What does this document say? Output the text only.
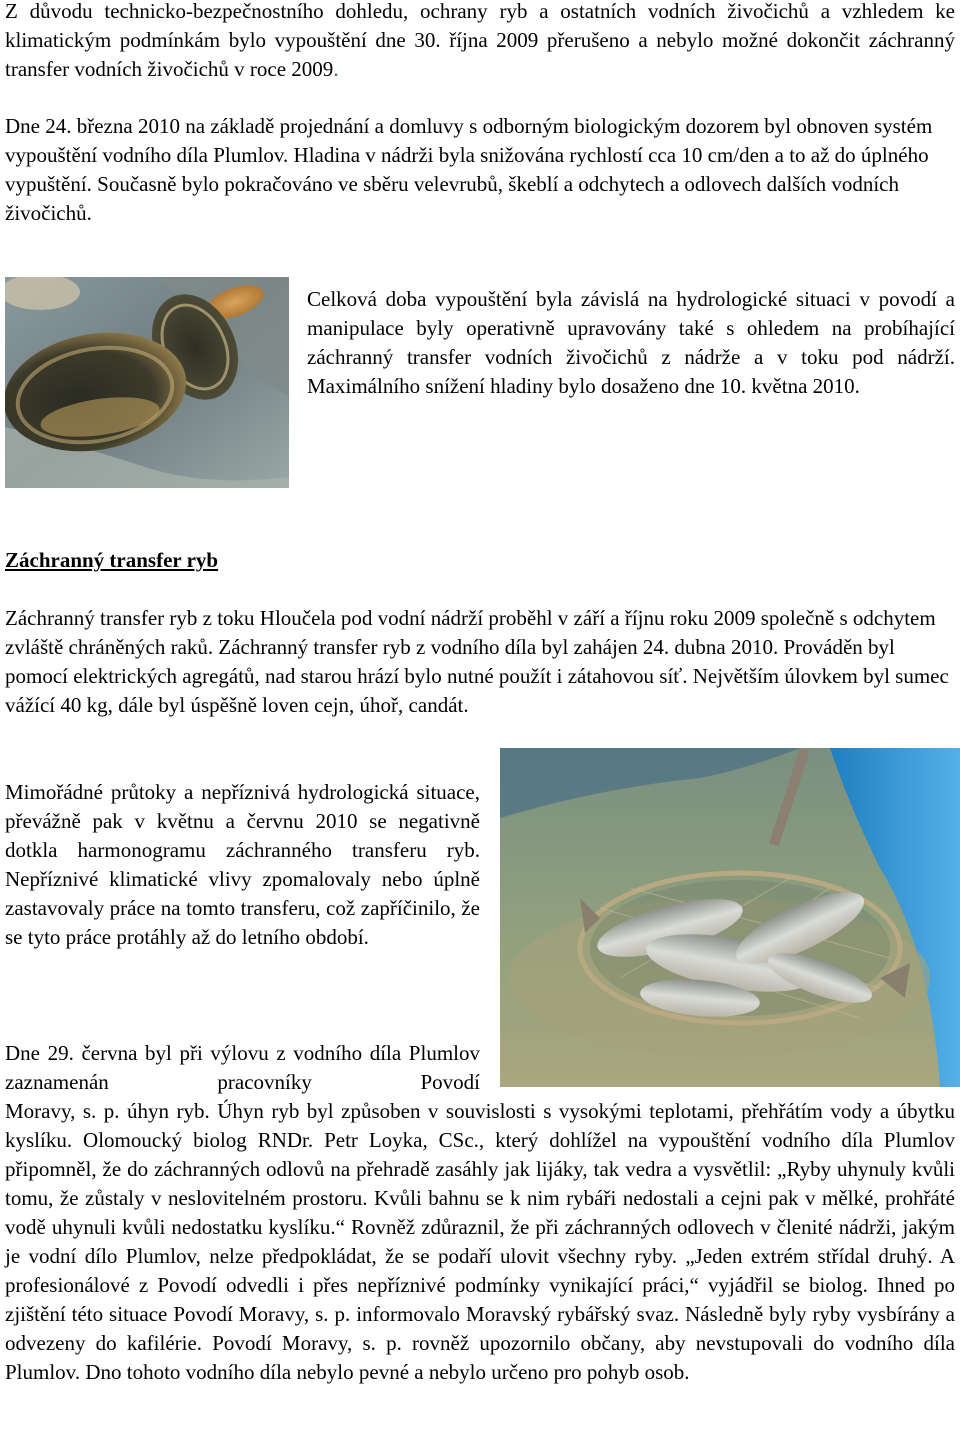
Z důvodu technicko-bezpečnostního dohledu, ochrany ryb a ostatních vodních živočichů a vzhledem ke klimatickým podmínkám bylo vypouštění dne 30. října 2009 přerušeno a nebylo možné dokončit záchranný transfer vodních živočichů v roce 2009.

Dne 24. března 2010 na základě projednání a domluvy s odborným biologickým dozorem byl obnoven systém vypouštění vodního díla Plumlov. Hladina v nádrži byla snižována rychlostí cca 10 cm/den a to až do úplného vypuštění. Současně bylo pokračováno ve sběru velevrubů, škeblí a odchytech a odlovech dalších vodních živočichů.

Celková doba vypouštění byla závislá na hydrologické situaci v povodí a manipulace byly operativně upravovány také s ohledem na probíhající záchranný transfer vodních živočichů z nádrže a v toku pod nádrží. Maximálního snížení hladiny bylo dosaženo dne 10. května 2010.

Záchranný transfer ryb

Záchranný transfer ryb z toku Hloučela pod vodní nádrží proběhl v září a říjnu roku 2009 společně s odchytem zvláště chráněných raků. Záchranný transfer ryb z vodního díla byl zahájen 24. dubna 2010. Prováděn byl pomocí elektrických agregátů, nad starou hrází bylo nutné použít i zátahovou síť. Největším úlovkem byl sumec vážící 40 kg, dále byl úspěšně loven cejn, úhoř, candát.

Mimořádné průtoky a nepříznivá hydrologická situace, převážně pak v květnu a červnu 2010 se negativně dotkla harmonogramu záchranného transferu ryb. Nepříznivé klimatické vlivy zpomalovaly nebo úplně zastavovaly práce na tomto transferu, což zapříčinilo, že se tyto práce protáhly až do letního období.

Dne 29. června byl při výlovu z vodního díla Plumlov zaznamenán pracovníky Povodí

Moravy, s. p. úhyn ryb. Úhyn ryb byl způsoben v souvislosti s vysokými teplotami, přehřátím vody a úbytku kyslíku. Olomoucký biolog RNDr. Petr Loyka, CSc., který dohlížel na vypouštění vodního díla Plumlov připomněl, že do záchranných odlovů na přehradě zasáhly jak lijáky, tak vedra a vysvětlil: „Ryby uhynuly kvůli tomu, že zůstaly v neslovitelném prostoru. Kvůli bahnu se k nim rybáři nedostali a cejni pak v mělké, prohřáté vodě uhynuli kvůli nedostatku kyslíku.“ Rovněž zdůraznil, že při záchranných odlovech v členité nádrži, jakým je vodní dílo Plumlov, nelze předpokládat, že se podaří ulovit všechny ryby. „Jeden extrém střídal druhý. A profesionálové z Povodí odvedli i přes nepříznivé podmínky vynikající práci,“ vyjádřil se biolog. Ihned po zjištění této situace Povodí Moravy, s. p. informovalo Moravský rybářský svaz. Následně byly ryby vysbírány a odvezeny do kafilérie. Povodí Moravy, s. p. rovněž upozornilo občany, aby nevstupovali do vodního díla Plumlov. Dno tohoto vodního díla nebylo pevné a nebylo určeno pro pohyb osob.
